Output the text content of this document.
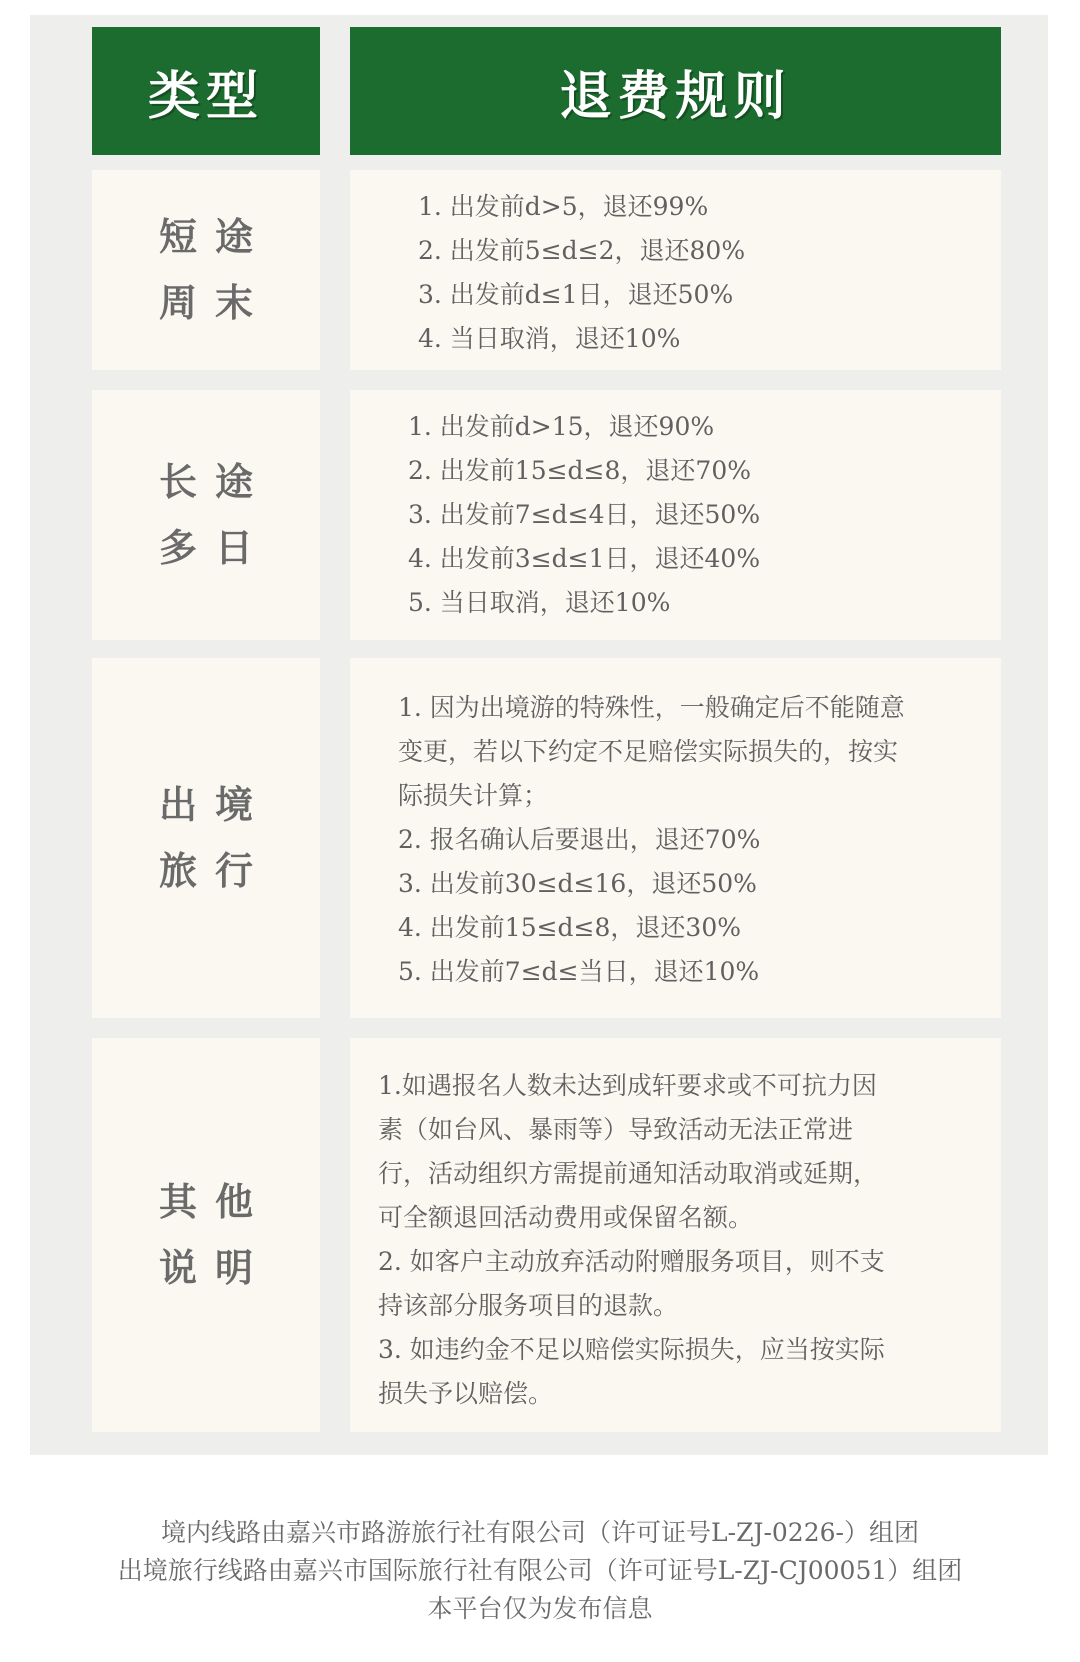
类型	退费规则
短途
周末

1. 出发前d>5，退还99%

2. 出发前5≤d≤2，退还80%

3. 出发前d≤1日，退还50%

4. 当日取消，退还10%

长途
多日

1. 出发前d>15，退还90%

2. 出发前15≤d≤8，退还70%

3. 出发前7≤d≤4日，退还50%

4. 出发前3≤d≤1日，退还40%

5. 当日取消，退还10%

出境
旅行

1. 因为出境游的特殊性，一般确定后不能随意

变更，若以下约定不足赔偿实际损失的，按实

际损失计算；

2. 报名确认后要退出，退还70%

3. 出发前30≤d≤16，退还50%

4. 出发前15≤d≤8，退还30%

5. 出发前7≤d≤当日，退还10%

其他
说明

1.如遇报名人数未达到成轩要求或不可抗力因

素（如台风、暴雨等）导致活动无法正常进

行，活动组织方需提前通知活动取消或延期，

可全额退回活动费用或保留名额。

2. 如客户主动放弃活动附赠服务项目，则不支

持该部分服务项目的退款。

3. 如违约金不足以赔偿实际损失，应当按实际

损失予以赔偿。

境内线路由嘉兴市路游旅行社有限公司（许可证号L-ZJ-0226-）组团

出境旅行线路由嘉兴市国际旅行社有限公司（许可证号L-ZJ-CJ00051）组团

本平台仅为发布信息
